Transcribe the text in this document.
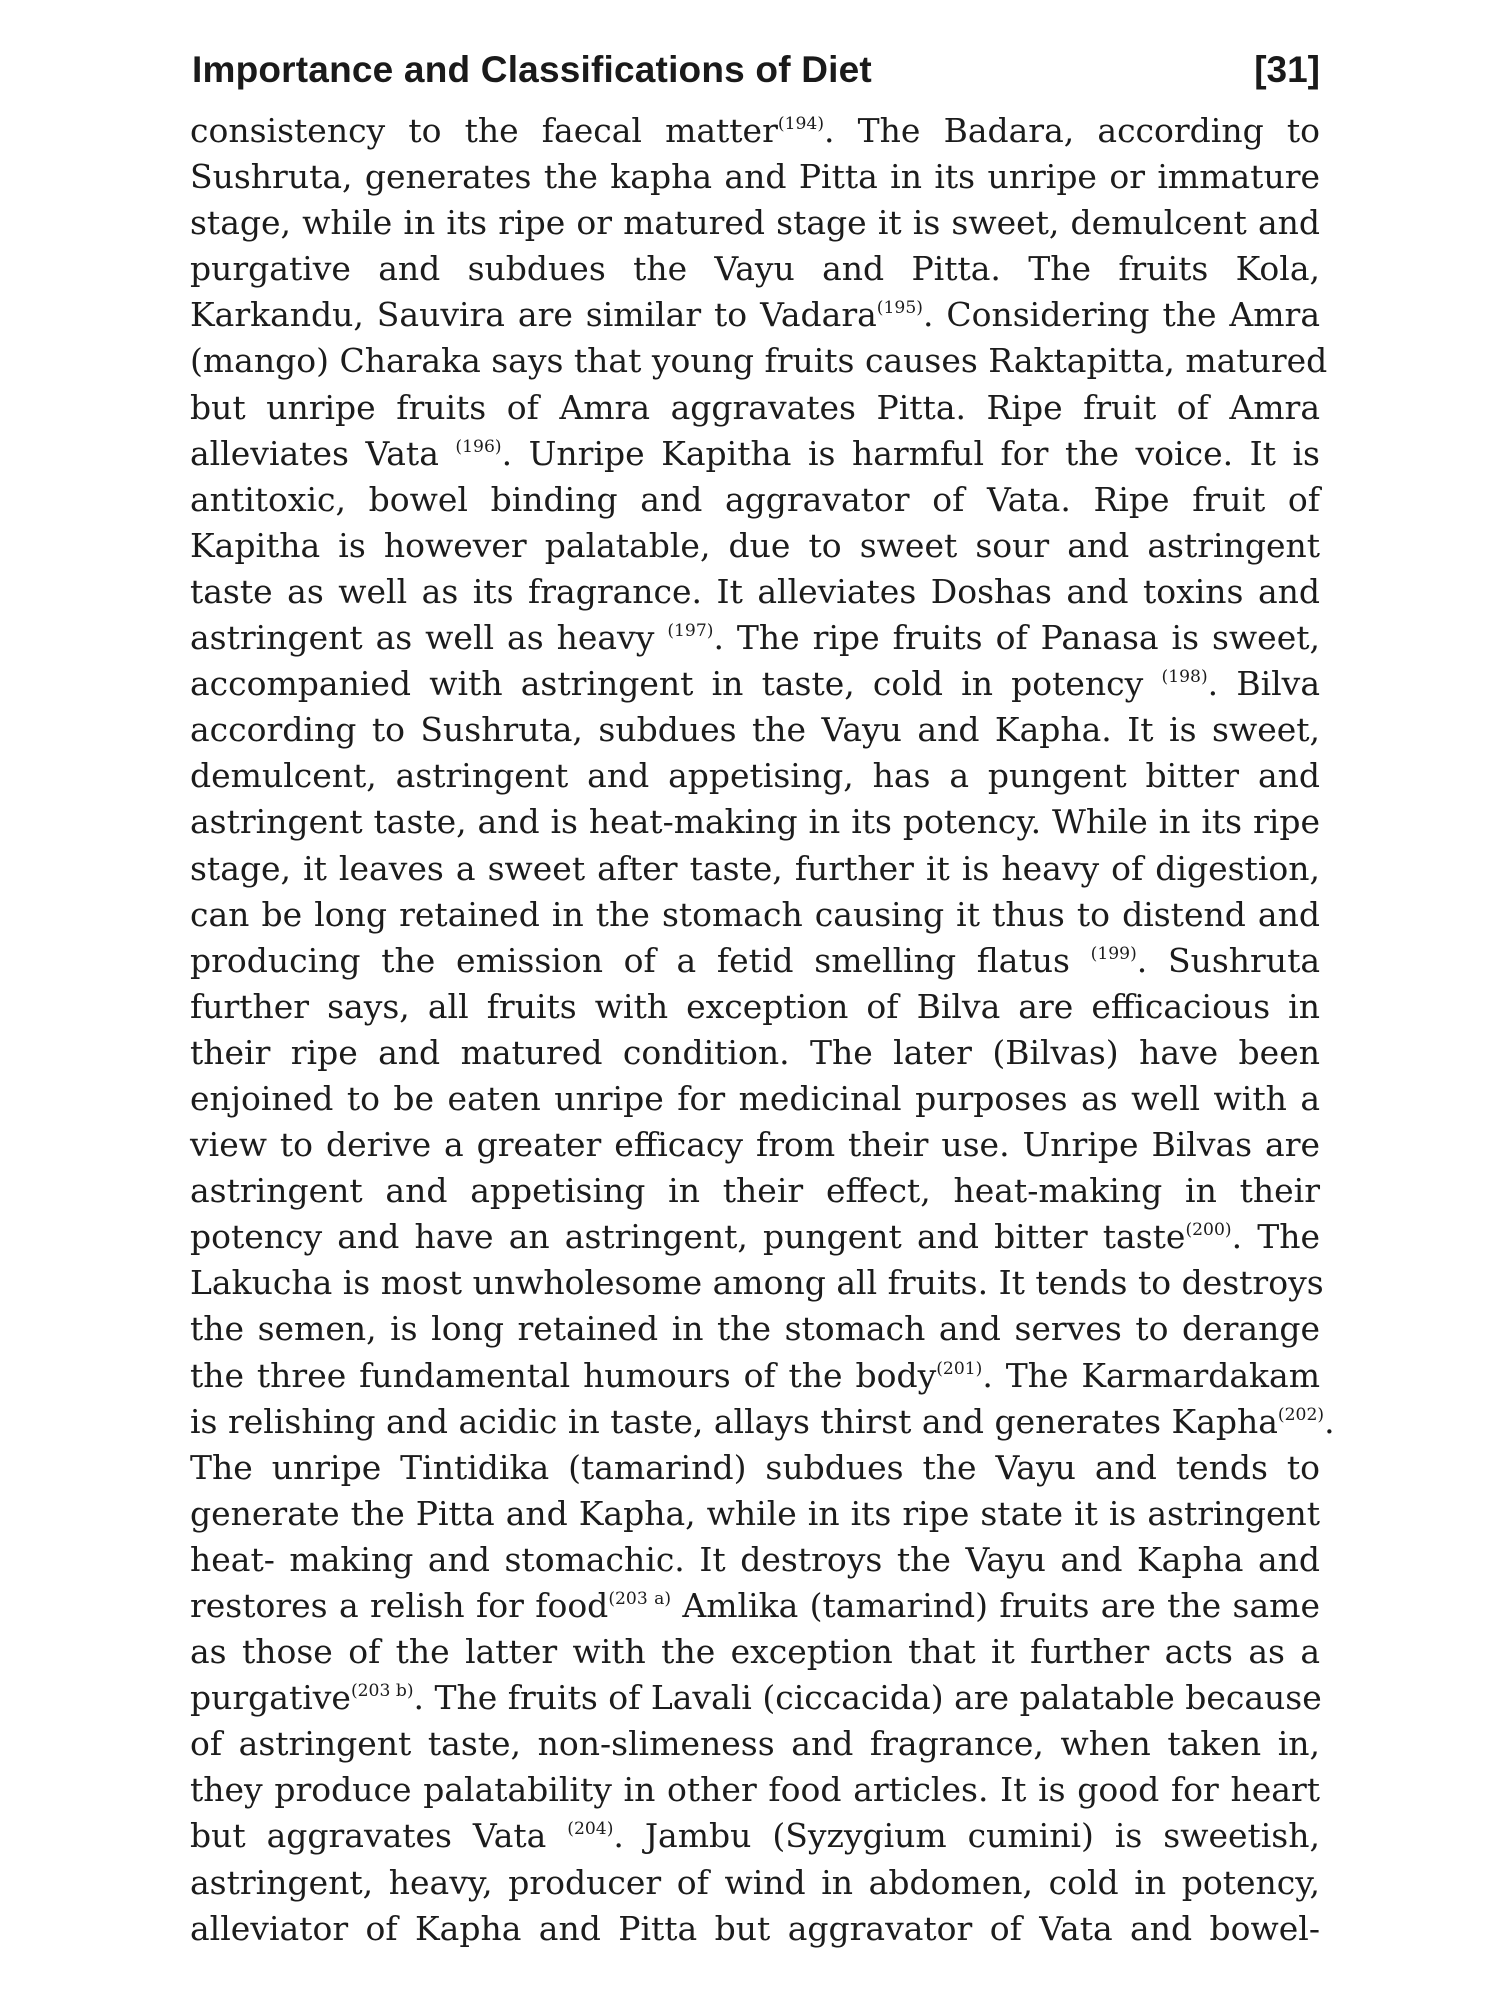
Importance and Classifications of Diet	[31]
consistency to the faecal matter$^{(194)}$. The Badara, according to
Sushruta, generates the kapha and Pitta in its unripe or immature
stage, while in its ripe or matured stage it is sweet, demulcent and
purgative and subdues the Vayu and Pitta. The fruits Kola,
Karkandu, Sauvira are similar to Vadara$^{(195)}$. Considering the Amra
(mango) Charaka says that young fruits causes Raktapitta, matured
but unripe fruits of Amra aggravates Pitta. Ripe fruit of Amra
alleviates Vata $^{(196)}$. Unripe Kapitha is harmful for the voice. It is
antitoxic, bowel binding and aggravator of Vata. Ripe fruit of
Kapitha is however palatable, due to sweet sour and astringent
taste as well as its fragrance. It alleviates Doshas and toxins and
astringent as well as heavy $^{(197)}$. The ripe fruits of Panasa is sweet,
accompanied with astringent in taste, cold in potency $^{(198)}$. Bilva
according to Sushruta, subdues the Vayu and Kapha. It is sweet,
demulcent, astringent and appetising, has a pungent bitter and
astringent taste, and is heat-making in its potency. While in its ripe
stage, it leaves a sweet after taste, further it is heavy of digestion,
can be long retained in the stomach causing it thus to distend and
producing the emission of a fetid smelling flatus $^{(199)}$. Sushruta
further says, all fruits with exception of Bilva are efficacious in
their ripe and matured condition. The later (Bilvas) have been
enjoined to be eaten unripe for medicinal purposes as well with a
view to derive a greater efficacy from their use. Unripe Bilvas are
astringent and appetising in their effect, heat-making in their
potency and have an astringent, pungent and bitter taste$^{(200)}$. The
Lakucha is most unwholesome among all fruits. It tends to destroys
the semen, is long retained in the stomach and serves to derange
the three fundamental humours of the body$^{(201)}$. The Karmardakam
is relishing and acidic in taste, allays thirst and generates Kapha$^{(202)}$.
The unripe Tintidika (tamarind) subdues the Vayu and tends to
generate the Pitta and Kapha, while in its ripe state it is astringent
heat- making and stomachic. It destroys the Vayu and Kapha and
restores a relish for food$^{(203 a)}$ Amlika (tamarind) fruits are the same
as those of the latter with the exception that it further acts as a
purgative$^{(203 b)}$. The fruits of Lavali (ciccacida) are palatable because
of astringent taste, non-slimeness and fragrance, when taken in,
they produce palatability in other food articles. It is good for heart
but aggravates Vata $^{(204)}$. Jambu (Syzygium cumini) is sweetish,
astringent, heavy, producer of wind in abdomen, cold in potency,
alleviator of Kapha and Pitta but aggravator of Vata and bowel-
